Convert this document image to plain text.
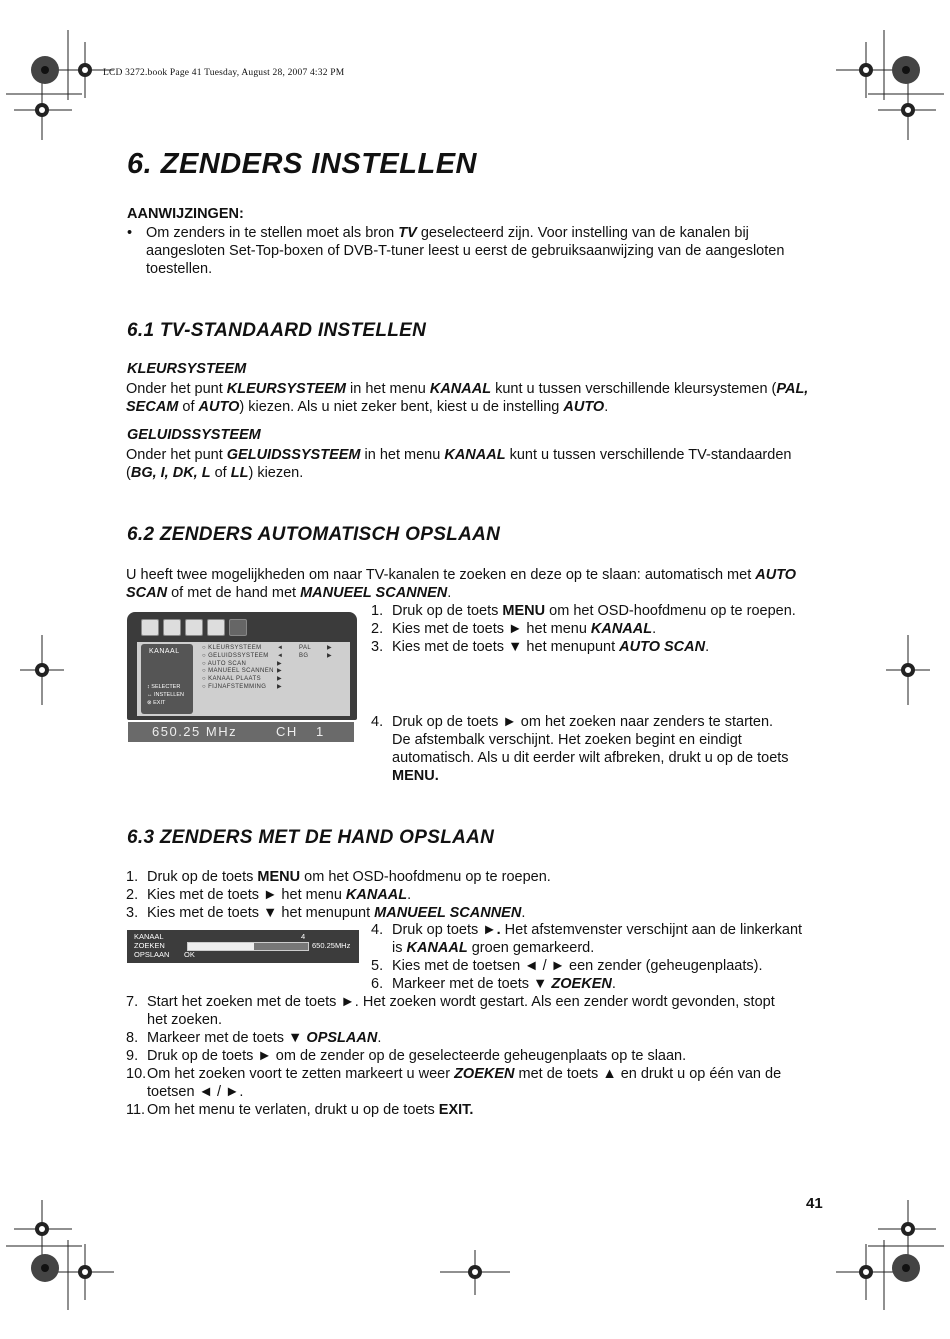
LCD 3272.book Page 41 Tuesday, August 28, 2007 4:32 PM
6. ZENDERS INSTELLEN
AANWIJZINGEN:
• Om zenders in te stellen moet als bron TV geselecteerd zijn. Voor instelling van de kanalen bij
aangesloten Set-Top-boxen of DVB-T-tuner leest u eerst de gebruiksaanwijzing van de aangesloten
toestellen.
6.1 TV-STANDAARD INSTELLEN
KLEURSYSTEEM
Onder het punt KLEURSYSTEEM in het menu KANAAL kunt u tussen verschillende kleursystemen (PAL,
SECAM of AUTO) kiezen. Als u niet zeker bent, kiest u de instelling AUTO.
GELUIDSSYSTEEM
Onder het punt GELUIDSSYSTEEM in het menu KANAAL kunt u tussen verschillende TV-standaarden
(BG, I, DK, L of LL) kiezen.
6.2 ZENDERS AUTOMATISCH OPSLAAN
U heeft twee mogelijkheden om naar TV-kanalen te zoeken en deze op te slaan: automatisch met AUTO
SCAN of met de hand met MANUEEL SCANNEN.
1. Druk op de toets MENU om het OSD-hoofdmenu op te roepen.
2. Kies met de toets ► het menu KANAAL.
3. Kies met de toets ▼ het menupunt AUTO SCAN.
4. Druk op de toets ► om het zoeken naar zenders te starten.
De afstembalk verschijnt. Het zoeken begint en eindigt
automatisch. Als u dit eerder wilt afbreken, drukt u op de toets
MENU.
KANAAL
↕ SELECTER
↔ INSTELLEN
⊗ EXIT
○ KLEURSYSTEEM
○ GELUIDSSYSTEEM
○ AUTO SCAN
○ MANUEEL SCANNEN
○ KANAAL PLAATS
○ FIJNAFSTEMMING
◄
◄
▶
▶
▶
▶
PAL
BG
▶
▶
650.25 MHz	CH 1
6.3 ZENDERS MET DE HAND OPSLAAN
1. Druk op de toets MENU om het OSD-hoofdmenu op te roepen.
2. Kies met de toets ► het menu KANAAL.
3. Kies met de toets ▼ het menupunt MANUEEL SCANNEN.
KANAAL	4
ZOEKEN	650.25MHz
OPSLAAN OK
4. Druk op toets ►. Het afstemvenster verschijnt aan de linkerkant
is KANAAL groen gemarkeerd.
5. Kies met de toetsen ◄ / ► een zender (geheugenplaats).
6. Markeer met de toets ▼ ZOEKEN.
7. Start het zoeken met de toets ►. Het zoeken wordt gestart. Als een zender wordt gevonden, stopt
het zoeken.
8. Markeer met de toets ▼ OPSLAAN.
9. Druk op de toets ► om de zender op de geselecteerde geheugenplaats op te slaan.
10. Om het zoeken voort te zetten markeert u weer ZOEKEN met de toets ▲ en drukt u op één van de
toetsen ◄ / ►.
11. Om het menu te verlaten, drukt u op de toets EXIT.
41
